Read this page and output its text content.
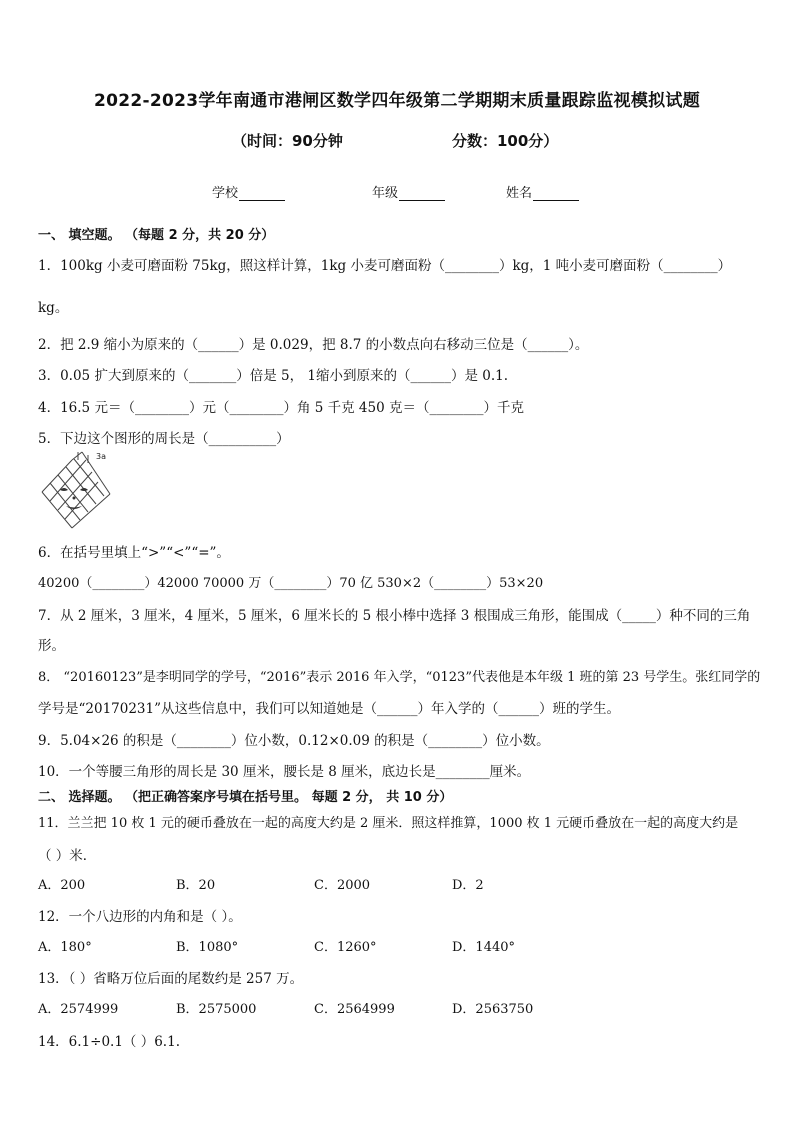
2022-2023学年南通市港闸区数学四年级第二学期期末质量跟踪监视模拟试题
（时间：90分钟	分数：100分）
学校	年级	姓名
一、 填空题。 （每题 2 分，共 20 分）
1．100kg 小麦可磨面粉 75kg，照这样计算，1kg 小麦可磨面粉（________）kg，1 吨小麦可磨面粉（________）
kg。
2．把 2.9 缩小为原来的（______）是 0.029，把 8.7 的小数点向右移动三位是（______）。
3．0.05 扩大到原来的（_______）倍是 5， 1缩小到原来的（______）是 0.1.
4．16.5 元＝（________）元（________）角 5 千克 450 克＝（________）千克
5．下边这个图形的周长是（__________）
3a
6．在括号里填上“>”“<”“=”。
40200（________）42000 70000 万（________）70 亿 530×2（________）53×20
7．从 2 厘米，3 厘米，4 厘米，5 厘米，6 厘米长的 5 根小棒中选择 3 根围成三角形，能围成（_____）种不同的三角
形。
8． “20160123”是李明同学的学号，“2016”表示 2016 年入学，“0123”代表他是本年级 1 班的第 23 号学生。张红同学的
学号是“20170231”从这些信息中，我们可以知道她是（______）年入学的（______）班的学生。
9．5.04×26 的积是（________）位小数，0.12×0.09 的积是（________）位小数。
10．一个等腰三角形的周长是 30 厘米，腰长是 8 厘米，底边长是________厘米。
二、 选择题。 （把正确答案序号填在括号里。 每题 2 分， 共 10 分）
11．兰兰把 10 枚 1 元的硬币叠放在一起的高度大约是 2 厘米．照这样推算，1000 枚 1 元硬币叠放在一起的高度大约是
（ ）米．
A．200	B．20	C．2000	D．2
12．一个八边形的内角和是（ ）。
A．180°	B．1080°	C．1260°	D．1440°
13．（ ）省略万位后面的尾数约是 257 万。
A．2574999	B．2575000	C．2564999	D．2563750
14．6.1÷0.1（ ）6.1.
